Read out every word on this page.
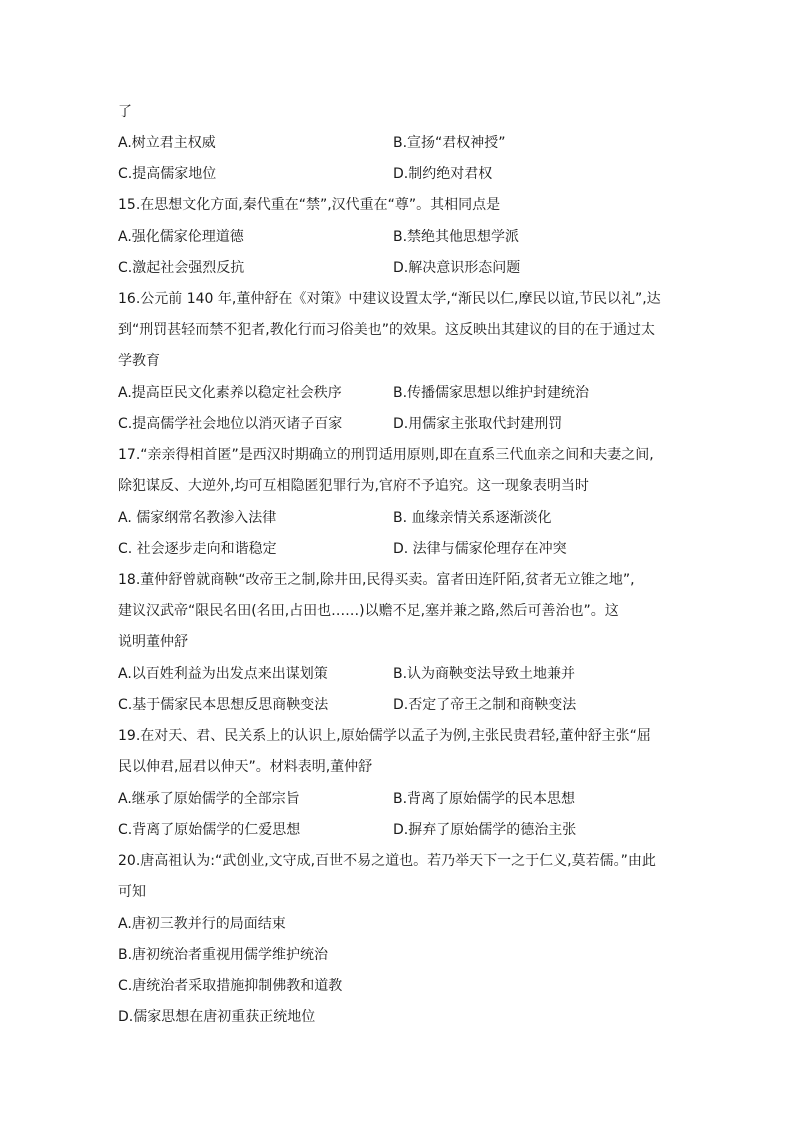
了
A.树立君主权威	B.宣扬“君权神授”
C.提高儒家地位	D.制约绝对君权
15.在思想文化方面,秦代重在“禁”,汉代重在“尊”。其相同点是
A.强化儒家伦理道德	B.禁绝其他思想学派
C.激起社会强烈反抗	D.解决意识形态问题
16.公元前 140 年,董仲舒在《对策》中建议设置太学,“渐民以仁,摩民以谊,节民以礼”,达
到“刑罚甚轻而禁不犯者,教化行而习俗美也”的效果。这反映出其建议的目的在于通过太
学教育
A.提高臣民文化素养以稳定社会秩序	B.传播儒家思想以维护封建统治
C.提高儒学社会地位以消灭诸子百家	D.用儒家主张取代封建刑罚
17.“亲亲得相首匿”是西汉时期确立的刑罚适用原则,即在直系三代血亲之间和夫妻之间,
除犯谋反、大逆外,均可互相隐匿犯罪行为,官府不予追究。这一现象表明当时
A. 儒家纲常名教渗入法律	B. 血缘亲情关系逐渐淡化
C. 社会逐步走向和谐稳定	D. 法律与儒家伦理存在冲突
18.董仲舒曾就商鞅“改帝王之制,除井田,民得买卖。富者田连阡陌,贫者无立锥之地”,
建议汉武帝“限民名田(名田,占田也……)以赡不足,塞并兼之路,然后可善治也”。这
说明董仲舒
A.以百姓利益为出发点来出谋划策	B.认为商鞅变法导致土地兼并
C.基于儒家民本思想反思商鞅变法	D.否定了帝王之制和商鞅变法
19.在对天、君、民关系上的认识上,原始儒学以孟子为例,主张民贵君轻,董仲舒主张“屈
民以伸君,屈君以伸天”。材料表明,董仲舒
A.继承了原始儒学的全部宗旨	B.背离了原始儒学的民本思想
C.背离了原始儒学的仁爱思想	D.摒弃了原始儒学的德治主张
20.唐高祖认为:“武创业,文守成,百世不易之道也。若乃举天下一之于仁义,莫若儒。”由此
可知
A.唐初三教并行的局面结束
B.唐初统治者重视用儒学维护统治
C.唐统治者采取措施抑制佛教和道教
D.儒家思想在唐初重获正统地位
